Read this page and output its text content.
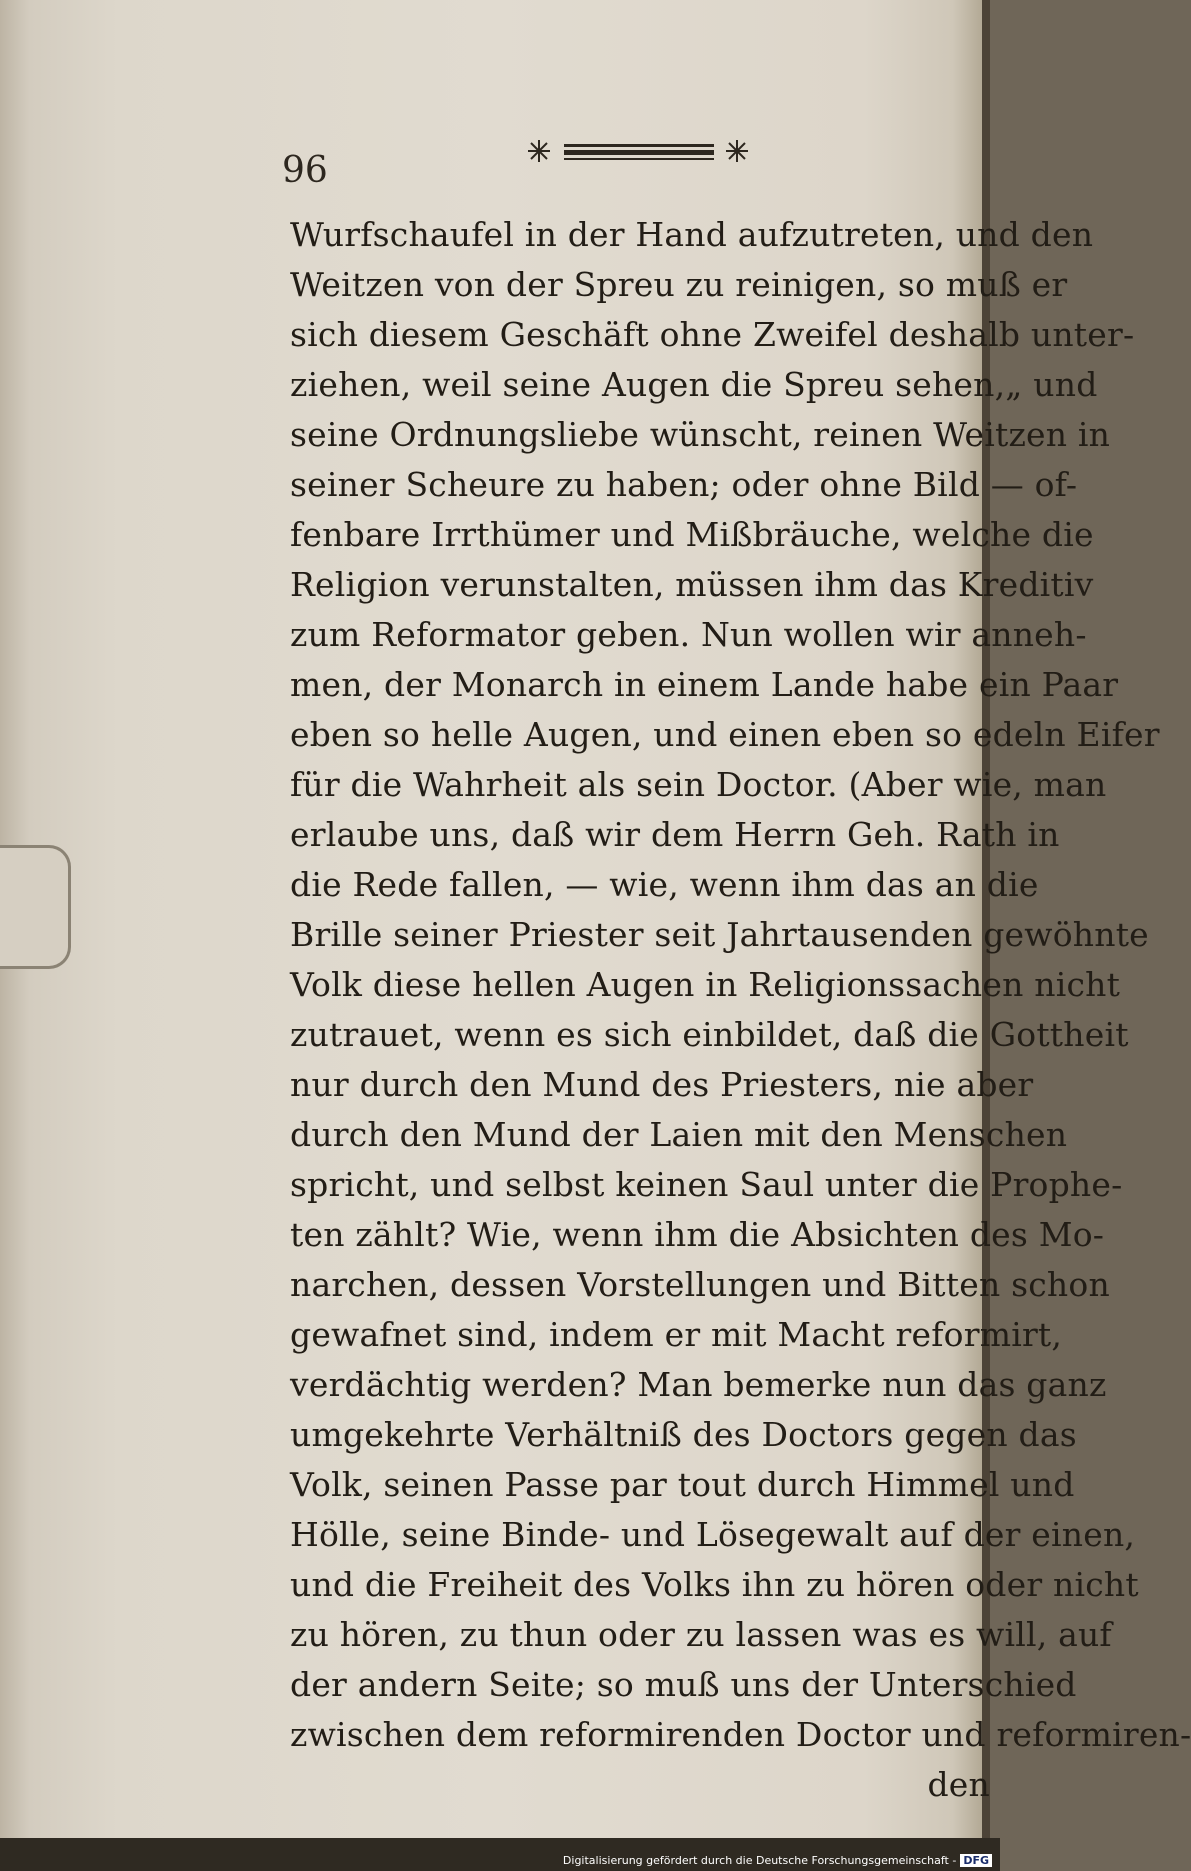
96
Wurfschaufel in der Hand aufzutreten, und den
Weitzen von der Spreu zu reinigen, so muß er
sich diesem Geschäft ohne Zweifel deshalb unter-
ziehen, weil seine Augen die Spreu sehen,„ und
seine Ordnungsliebe wünscht, reinen Weitzen in
seiner Scheure zu haben; oder ohne Bild — of-
fenbare Irrthümer und Mißbräuche, welche die
Religion verunstalten, müssen ihm das Kreditiv
zum Reformator geben. Nun wollen wir anneh-
men, der Monarch in einem Lande habe ein Paar
eben so helle Augen, und einen eben so edeln Eifer
für die Wahrheit als sein Doctor. (Aber wie, man
erlaube uns, daß wir dem Herrn Geh. Rath in
die Rede fallen, — wie, wenn ihm das an die
Brille seiner Priester seit Jahrtausenden gewöhnte
Volk diese hellen Augen in Religionssachen nicht
zutrauet, wenn es sich einbildet, daß die Gottheit
nur durch den Mund des Priesters, nie aber
durch den Mund der Laien mit den Menschen
spricht, und selbst keinen Saul unter die Prophe-
ten zählt? Wie, wenn ihm die Absichten des Mo-
narchen, dessen Vorstellungen und Bitten schon
gewafnet sind, indem er mit Macht reformirt,
verdächtig werden? Man bemerke nun das ganz
umgekehrte Verhältniß des Doctors gegen das
Volk, seinen Passe par tout durch Himmel und
Hölle, seine Binde- und Lösegewalt auf der einen,
und die Freiheit des Volks ihn zu hören oder nicht
zu hören, zu thun oder zu lassen was es will, auf
der andern Seite; so muß uns der Unterschied
zwischen dem reformirenden Doctor und reformiren-
den
Digitalisierung gefördert durch die Deutsche Forschungsgemeinschaft - DFG
